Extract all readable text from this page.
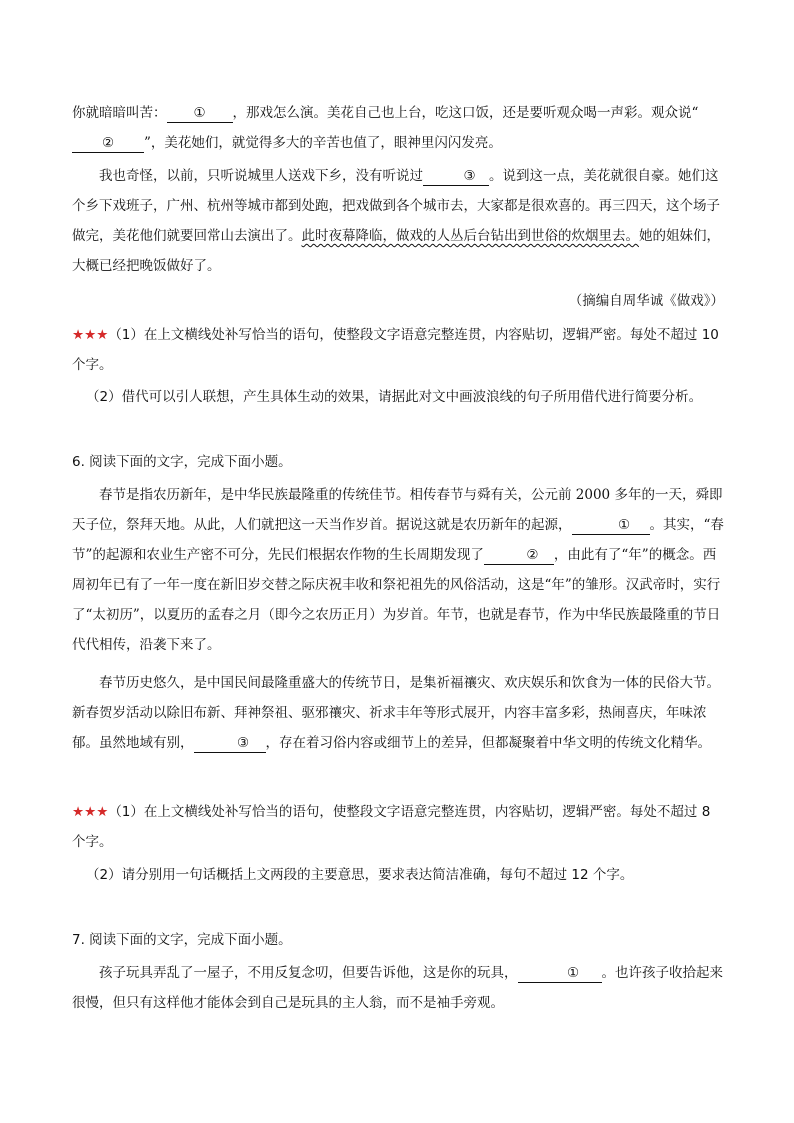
你就暗暗叫苦： ① ，那戏怎么演。美花自己也上台，吃这口饭，还是要听观众喝一声彩。观众说“② ”，美花她们，就觉得多大的辛苦也值了，眼神里闪闪发亮。

我也奇怪，以前，只听说城里人送戏下乡，没有听说过	③ 。说到这一点，美花就很自豪。她们这个乡下戏班子，广州、杭州等城市都到处跑，把戏做到各个城市去，大家都是很欢喜的。再三四天，这个场子做完，美花他们就要回常山去演出了。此时夜幕降临，做戏的人丛后台钻出到世俗的炊烟里去。她的姐妹们，大概已经把晚饭做好了。

（摘编自周华诚《做戏》）

★★★（1）在上文横线处补写恰当的语句，使整段文字语意完整连贯，内容贴切，逻辑严密。每处不超过 10 个字。

（2）借代可以引人联想，产生具体生动的效果，请据此对文中画波浪线的句子所用借代进行简要分析。

6. 阅读下面的文字，完成下面小题。

春节是指农历新年，是中华民族最隆重的传统佳节。相传春节与舜有关，公元前 2000 多年的一天，舜即天子位，祭拜天地。从此，人们就把这一天当作岁首。据说这就是农历新年的起源，	① 。其实，“春节”的起源和农业生产密不可分，先民们根据农作物的生长周期发现了	② ，由此有了“年”的概念。西周初年已有了一年一度在新旧岁交替之际庆祝丰收和祭祀祖先的风俗活动，这是“年”的雏形。汉武帝时，实行了“太初历”，以夏历的孟春之月（即今之农历正月）为岁首。年节，也就是春节，作为中华民族最隆重的节日代代相传，沿袭下来了。

春节历史悠久，是中国民间最隆重盛大的传统节日，是集祈福禳灾、欢庆娱乐和饮食为一体的民俗大节。新春贺岁活动以除旧布新、拜神祭祖、驱邪禳灾、祈求丰年等形式展开，内容丰富多彩，热闹喜庆，年味浓郁。虽然地域有别，	③ ，存在着习俗内容或细节上的差异，但都凝聚着中华文明的传统文化精华。

★★★（1）在上文横线处补写恰当的语句，使整段文字语意完整连贯，内容贴切，逻辑严密。每处不超过 8 个字。

（2）请分别用一句话概括上文两段的主要意思，要求表达简洁准确，每句不超过 12 个字。

7. 阅读下面的文字，完成下面小题。

孩子玩具弄乱了一屋子，不用反复念叨，但要告诉他，这是你的玩具，	① 。也许孩子收拾起来很慢，但只有这样他才能体会到自己是玩具的主人翁，而不是袖手旁观。
